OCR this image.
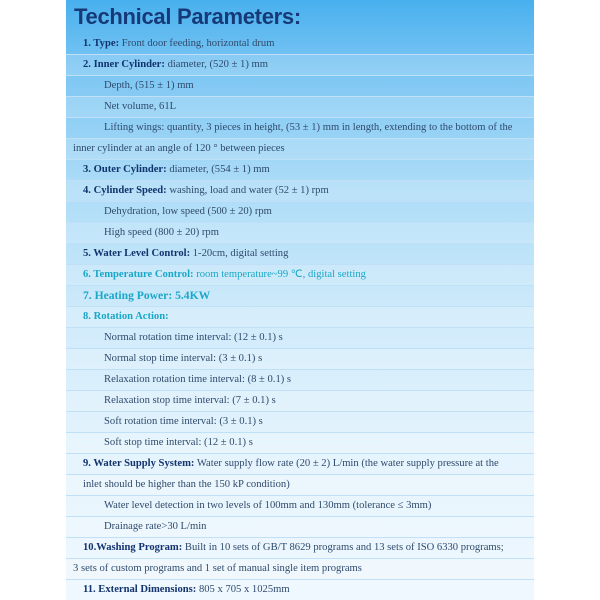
Technical Parameters:
1. Type: Front door feeding, horizontal drum
2. Inner Cylinder: diameter, (520 ± 1) mm
Depth, (515 ± 1) mm
Net volume, 61L
Lifting wings: quantity, 3 pieces in height, (53 ± 1) mm in length, extending to the bottom of the
inner cylinder at an angle of 120 ° between pieces
3. Outer Cylinder: diameter, (554 ± 1) mm
4. Cylinder Speed: washing, load and water (52 ± 1) rpm
Dehydration, low speed (500 ± 20) rpm
High speed (800 ± 20) rpm
5. Water Level Control: 1-20cm, digital setting
6. Temperature Control: room temperature~99 ℃, digital setting
7. Heating Power: 5.4KW
8. Rotation Action:
Normal rotation time interval: (12 ± 0.1) s
Normal stop time interval: (3 ± 0.1) s
Relaxation rotation time interval: (8 ± 0.1) s
Relaxation stop time interval: (7 ± 0.1) s
Soft rotation time interval: (3 ± 0.1) s
Soft stop time interval: (12 ± 0.1) s
9. Water Supply System: Water supply flow rate (20 ± 2) L/min (the water supply pressure at the
inlet should be higher than the 150 kP condition)
Water level detection in two levels of 100mm and 130mm (tolerance ≤ 3mm)
Drainage rate>30 L/min
10.Washing Program: Built in 10 sets of GB/T 8629 programs and 13 sets of ISO 6330 programs;
3 sets of custom programs and 1 set of manual single item programs
11. External Dimensions: 805 x 705 x 1025mm
